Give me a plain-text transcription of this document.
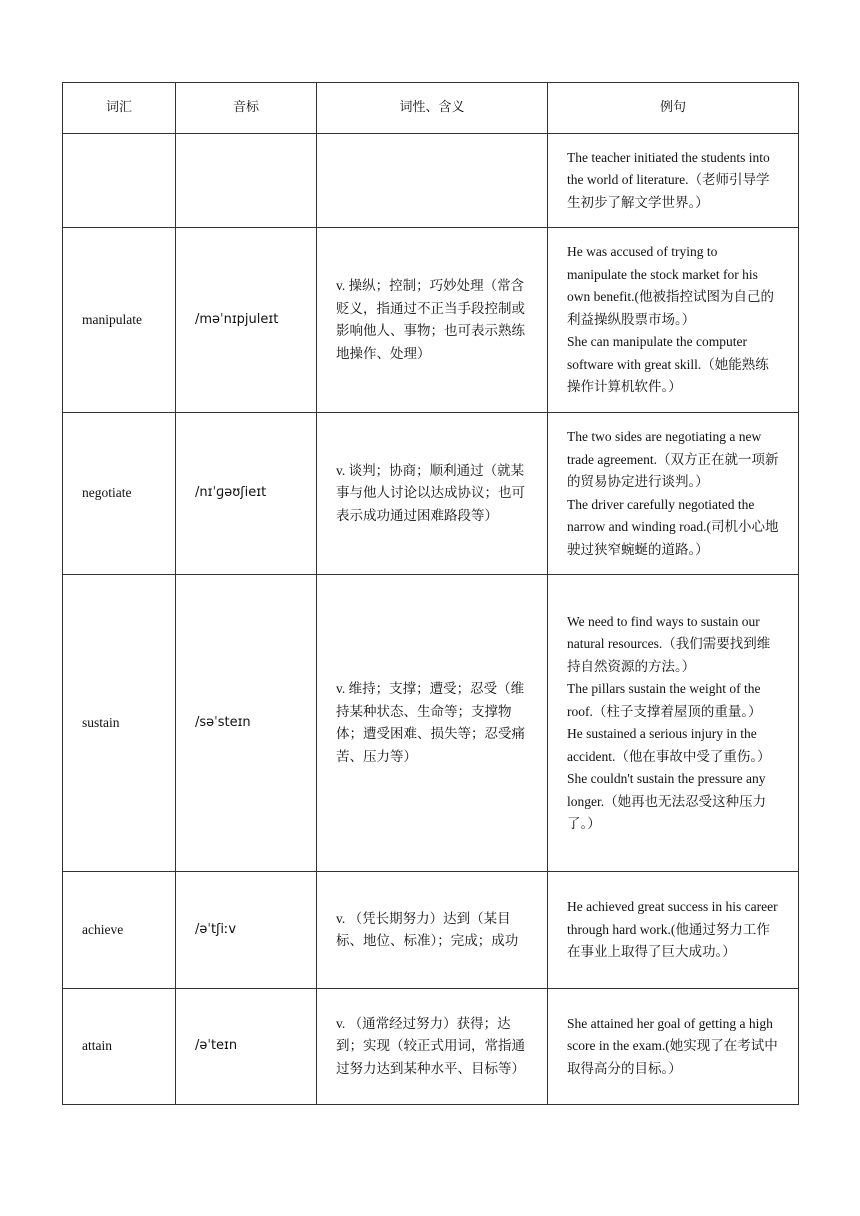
词汇	音标	词性、含义	例句

			The teacher initiated the students into the world of literature.（老师引导学生初步了解文学世界。）

manipulate	/məˈnɪpjuleɪt	v. 操纵；控制；巧妙处理（常含贬义，指通过不正当手段控制或影响他人、事物；也可表示熟练地操作、处理）	He was accused of trying to manipulate the stock market for his own benefit.(他被指控试图为自己的利益操纵股票市场。）
She can manipulate the computer software with great skill.（她能熟练操作计算机软件。）

negotiate	/nɪˈɡəʊʃieɪt	v. 谈判；协商；顺利通过（就某事与他人讨论以达成协议；也可表示成功通过困难路段等）	The two sides are negotiating a new trade agreement.（双方正在就一项新的贸易协定进行谈判。）
The driver carefully negotiated the narrow and winding road.(司机小心地驶过狭窄蜿蜒的道路。）

sustain	/səˈsteɪn	v. 维持；支撑；遭受；忍受（维持某种状态、生命等；支撑物体；遭受困难、损失等；忍受痛苦、压力等）	We need to find ways to sustain our natural resources.（我们需要找到维持自然资源的方法。）
The pillars sustain the weight of the roof.（柱子支撑着屋顶的重量。）
He sustained a serious injury in the accident.（他在事故中受了重伤。）
She couldn't sustain the pressure any longer.（她再也无法忍受这种压力了。）

achieve	/əˈtʃiːv	v. （凭长期努力）达到（某目标、地位、标准）；完成；成功	He achieved great success in his career through hard work.(他通过努力工作在事业上取得了巨大成功。）

attain	/əˈteɪn	v. （通常经过努力）获得；达到；实现（较正式用词，常指通过努力达到某种水平、目标等）	She attained her goal of getting a high score in the exam.(她实现了在考试中取得高分的目标。）
